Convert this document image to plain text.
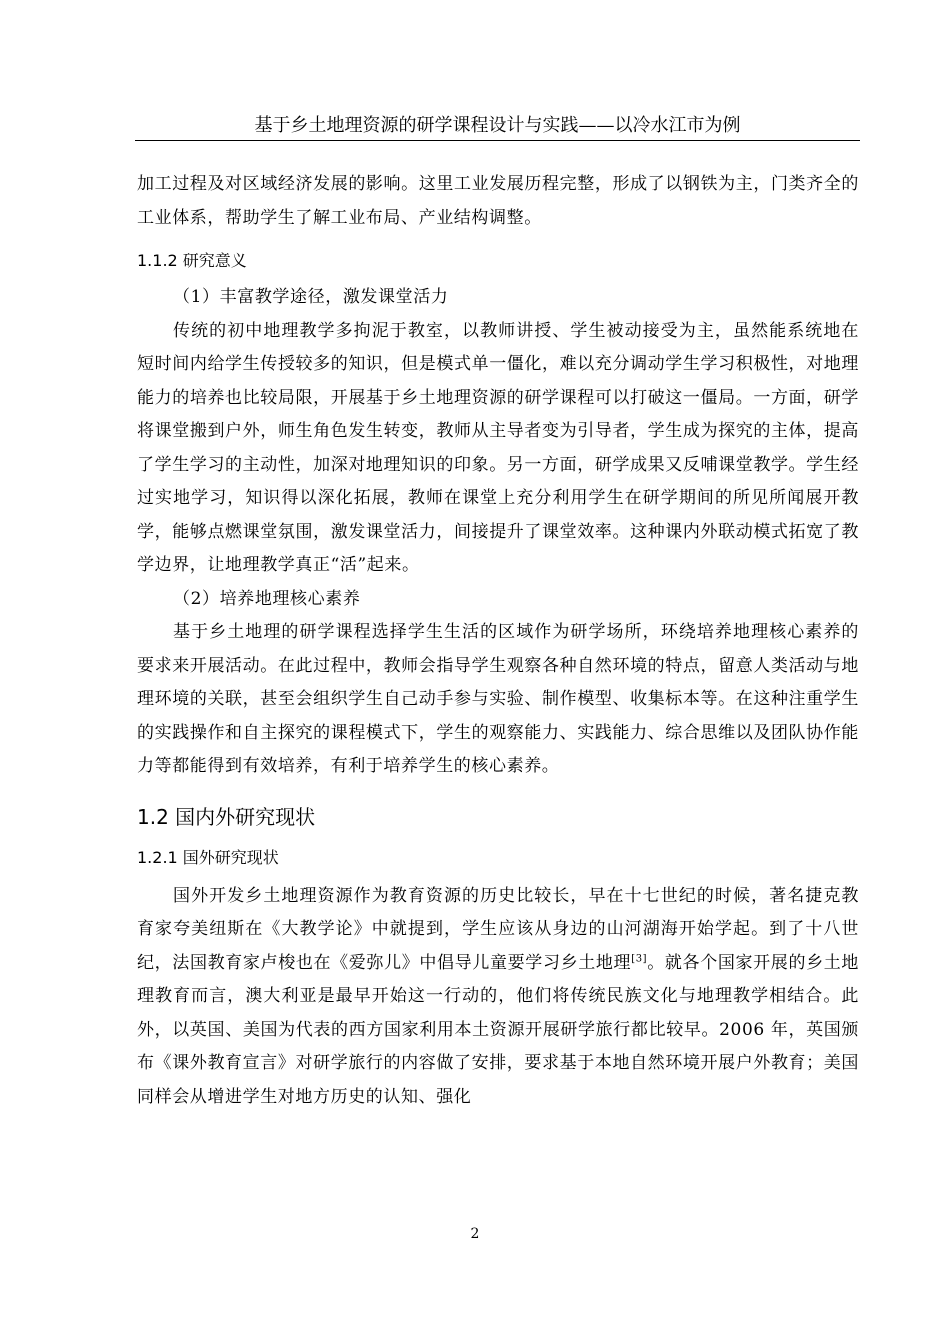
基于乡土地理资源的研学课程设计与实践——以冷水江市为例

加工过程及对区域经济发展的影响。这里工业发展历程完整，形成了以钢铁为主，门类齐全的工业体系，帮助学生了解工业布局、产业结构调整。

1.1.2 研究意义

（1）丰富教学途径，激发课堂活力

传统的初中地理教学多拘泥于教室，以教师讲授、学生被动接受为主，虽然能系统地在短时间内给学生传授较多的知识，但是模式单一僵化，难以充分调动学生学习积极性，对地理能力的培养也比较局限，开展基于乡土地理资源的研学课程可以打破这一僵局。一方面，研学将课堂搬到户外，师生角色发生转变，教师从主导者变为引导者，学生成为探究的主体，提高了学生学习的主动性，加深对地理知识的印象。另一方面，研学成果又反哺课堂教学。学生经过实地学习，知识得以深化拓展，教师在课堂上充分利用学生在研学期间的所见所闻展开教学，能够点燃课堂氛围，激发课堂活力，间接提升了课堂效率。这种课内外联动模式拓宽了教学边界，让地理教学真正“活”起来。

（2）培养地理核心素养

基于乡土地理的研学课程选择学生生活的区域作为研学场所，环绕培养地理核心素养的要求来开展活动。在此过程中，教师会指导学生观察各种自然环境的特点，留意人类活动与地理环境的关联，甚至会组织学生自己动手参与实验、制作模型、收集标本等。在这种注重学生的实践操作和自主探究的课程模式下，学生的观察能力、实践能力、综合思维以及团队协作能力等都能得到有效培养，有利于培养学生的核心素养。

1.2 国内外研究现状
1.2.1 国外研究现状

国外开发乡土地理资源作为教育资源的历史比较长，早在十七世纪的时候，著名捷克教育家夸美纽斯在《大教学论》中就提到，学生应该从身边的山河湖海开始学起。到了十八世纪，法国教育家卢梭也在《爱弥儿》中倡导儿童要学习乡土地理[3]。就各个国家开展的乡土地理教育而言，澳大利亚是最早开始这一行动的，他们将传统民族文化与地理教学相结合。此外，以英国、美国为代表的西方国家利用本土资源开展研学旅行都比较早。2006 年，英国颁布《课外教育宣言》对研学旅行的内容做了安排，要求基于本地自然环境开展户外教育；美国同样会从增进学生对地方历史的认知、强化

2
